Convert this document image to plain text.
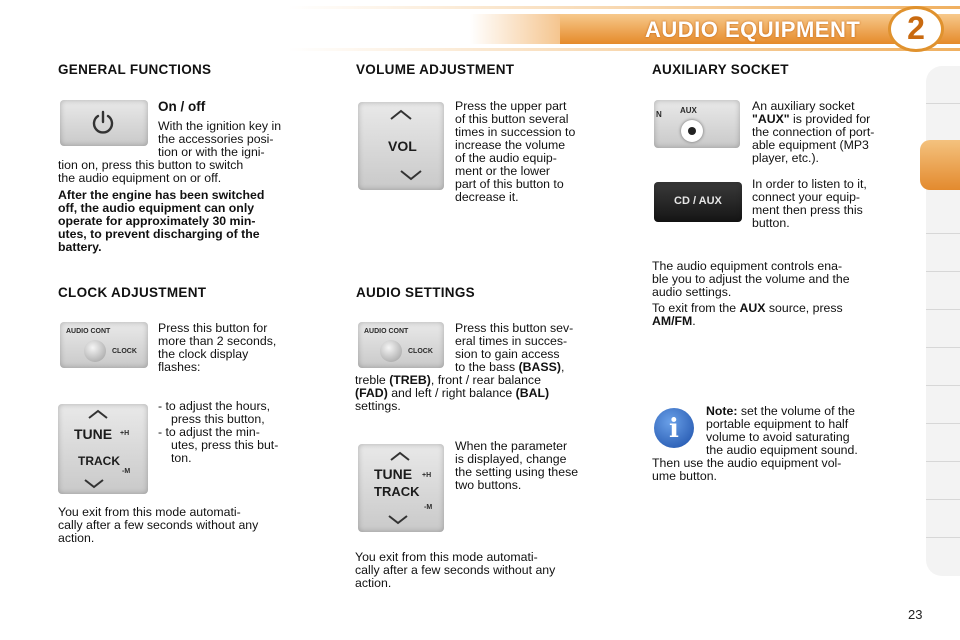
AUDIO EQUIPMENT	2
GENERAL FUNCTIONS
On / off
With the ignition key in
the accessories posi-
tion or with the igni-
tion on, press this button to switch
the audio equipment on or off.
After the engine has been switched
off, the audio equipment can only
operate for approximately 30 min-
utes, to prevent discharging of the
battery.
CLOCK ADJUSTMENT
AUDIO CONT
CLOCK
Press this button for
more than 2 seconds,
the clock display
flashes:
TUNE +H
TRACK
-M
- to adjust the hours,
press this button,
- to adjust the min-
utes, press this but-
ton.
You exit from this mode automati-
cally after a few seconds without any
action.
VOLUME ADJUSTMENT
VOL
Press the upper part
of this button several
times in succession to
increase the volume
of the audio equip-
ment or the lower
part of this button to
decrease it.
AUDIO SETTINGS
AUDIO CONT
CLOCK
Press this button sev-
eral times in succes-
sion to gain access
to the bass (BASS),
treble (TREB), front / rear balance
(FAD) and left / right balance (BAL)
settings.
TUNE +H
TRACK
-M
When the parameter
is displayed, change
the setting using these
two buttons.
You exit from this mode automati-
cally after a few seconds without any
action.
AUXILIARY SOCKET
N AUX	An auxiliary socket
"AUX" is provided for
the connection of port-
able equipment (MP3
player, etc.).
CD / AUX
In order to listen to it,
connect your equip-
ment then press this
button.
The audio equipment controls ena-
ble you to adjust the volume and the
audio settings.
To exit from the AUX source, press
AM/FM.
i
Note: set the volume of the
portable equipment to half
volume to avoid saturating
the audio equipment sound.
Then use the audio equipment vol-
ume button.
23
